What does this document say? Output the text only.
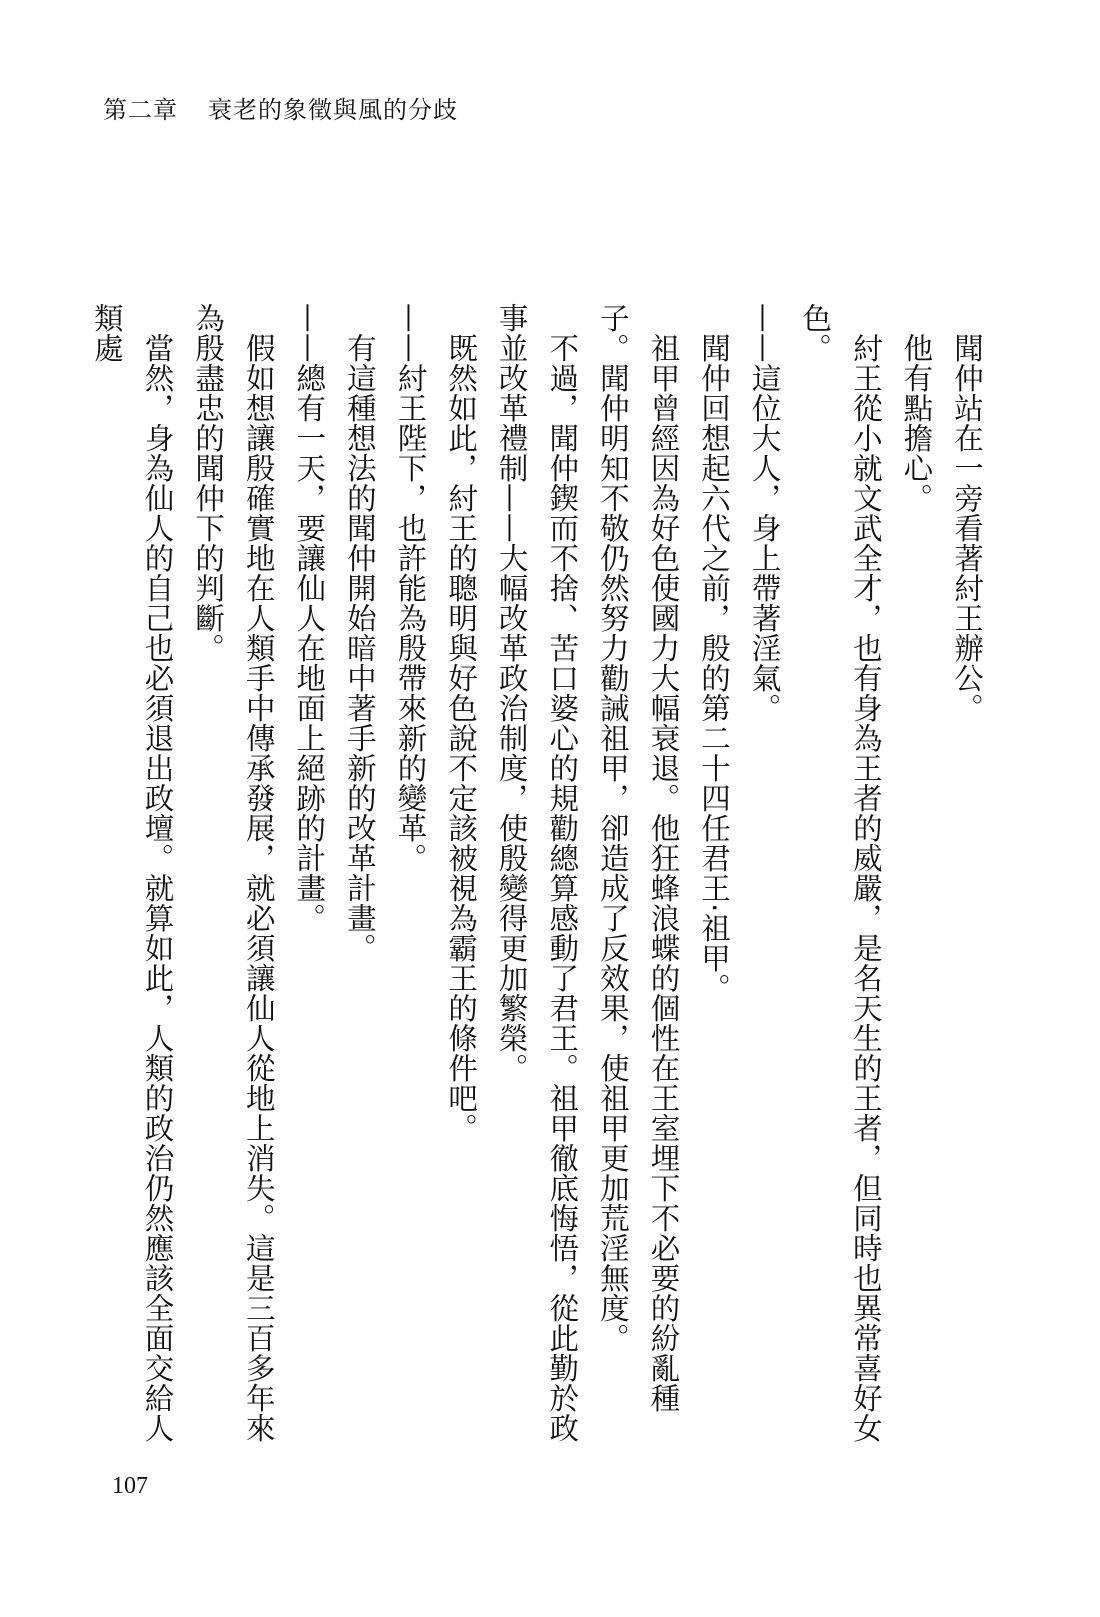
第二章 衰老的象徵與風的分歧

聞仲站在一旁看著紂王辦公。

他有點擔心。

紂王從小就文武全才，也有身為王者的威嚴，是名天生的王者，但同時也異常喜好女色。

——這位大人，身上帶著淫氣。

聞仲回想起六代之前，殷的第二十四任君王‧祖甲。

祖甲曾經因為好色使國力大幅衰退。他狂蜂浪蝶的個性在王室埋下不必要的紛亂種子。聞仲明知不敬仍然努力勸誡祖甲，卻造成了反效果，使祖甲更加荒淫無度。

不過，聞仲鍥而不捨、苦口婆心的規勸總算感動了君王。祖甲徹底悔悟，從此勤於政事並改革禮制——大幅改革政治制度，使殷變得更加繁榮。

既然如此，紂王的聰明與好色說不定該被視為霸王的條件吧。

——紂王陛下，也許能為殷帶來新的變革。

有這種想法的聞仲開始暗中著手新的改革計畫。

——總有一天，要讓仙人在地面上絕跡的計畫。

假如想讓殷確實地在人類手中傳承發展，就必須讓仙人從地上消失。這是三百多年來為殷盡忠的聞仲下的判斷。

當然，身為仙人的自己也必須退出政壇。就算如此，人類的政治仍然應該全面交給人類處

107
